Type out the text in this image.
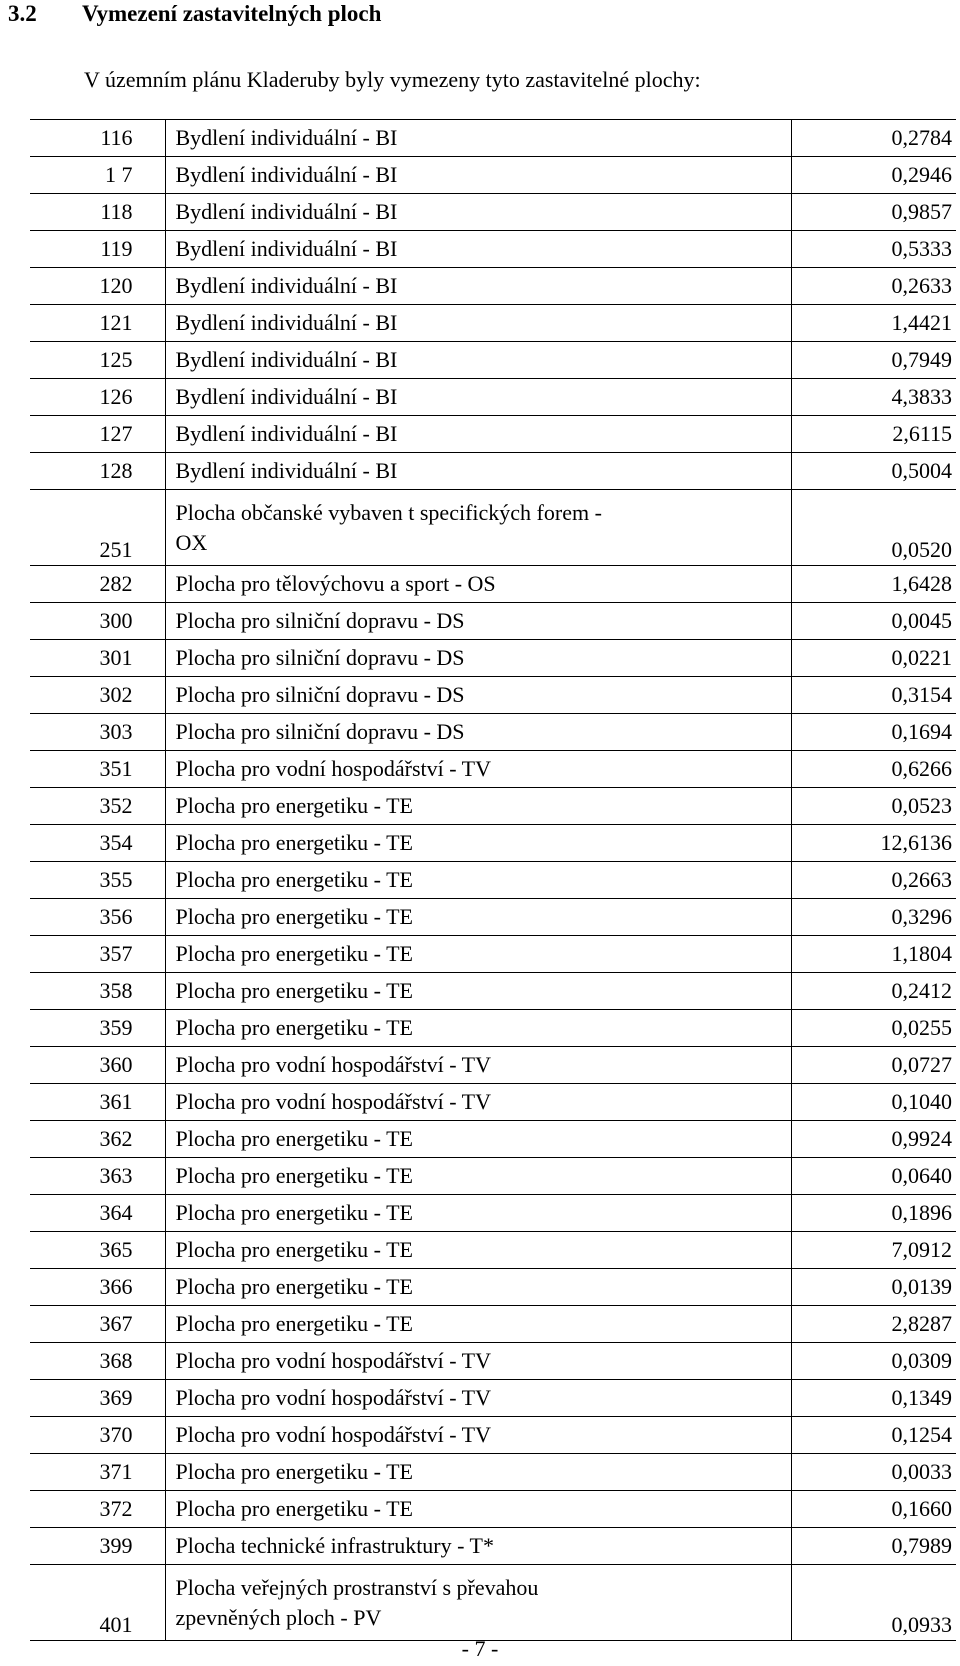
3.2 Vymezení zastavitelných ploch

V územním plánu Kladeruby byly vymezeny tyto zastavitelné plochy:

116	Bydlení individuální - BI	0,2784
1 7	Bydlení individuální - BI	0,2946
118	Bydlení individuální - BI	0,9857
119	Bydlení individuální - BI	0,5333
120	Bydlení individuální - BI	0,2633
121	Bydlení individuální - BI	1,4421
125	Bydlení individuální - BI	0,7949
126	Bydlení individuální - BI	4,3833
127	Bydlení individuální - BI	2,6115
128	Bydlení individuální - BI	0,5004
251	Plocha občanské vybaven t specifických forem - OX	0,0520
282	Plocha pro tělovýchovu a sport - OS	1,6428
300	Plocha pro silniční dopravu - DS	0,0045
301	Plocha pro silniční dopravu - DS	0,0221
302	Plocha pro silniční dopravu - DS	0,3154
303	Plocha pro silniční dopravu - DS	0,1694
351	Plocha pro vodní hospodářství - TV	0,6266
352	Plocha pro energetiku - TE	0,0523
354	Plocha pro energetiku - TE	12,6136
355	Plocha pro energetiku - TE	0,2663
356	Plocha pro energetiku - TE	0,3296
357	Plocha pro energetiku - TE	1,1804
358	Plocha pro energetiku - TE	0,2412
359	Plocha pro energetiku - TE	0,0255
360	Plocha pro vodní hospodářství - TV	0,0727
361	Plocha pro vodní hospodářství - TV	0,1040
362	Plocha pro energetiku - TE	0,9924
363	Plocha pro energetiku - TE	0,0640
364	Plocha pro energetiku - TE	0,1896
365	Plocha pro energetiku - TE	7,0912
366	Plocha pro energetiku - TE	0,0139
367	Plocha pro energetiku - TE	2,8287
368	Plocha pro vodní hospodářství - TV	0,0309
369	Plocha pro vodní hospodářství - TV	0,1349
370	Plocha pro vodní hospodářství - TV	0,1254
371	Plocha pro energetiku - TE	0,0033
372	Plocha pro energetiku - TE	0,1660
399	Plocha technické infrastruktury - T*	0,7989
401	Plocha veřejných prostranství s převahou zpevněných ploch - PV	0,0933
- 7 -
